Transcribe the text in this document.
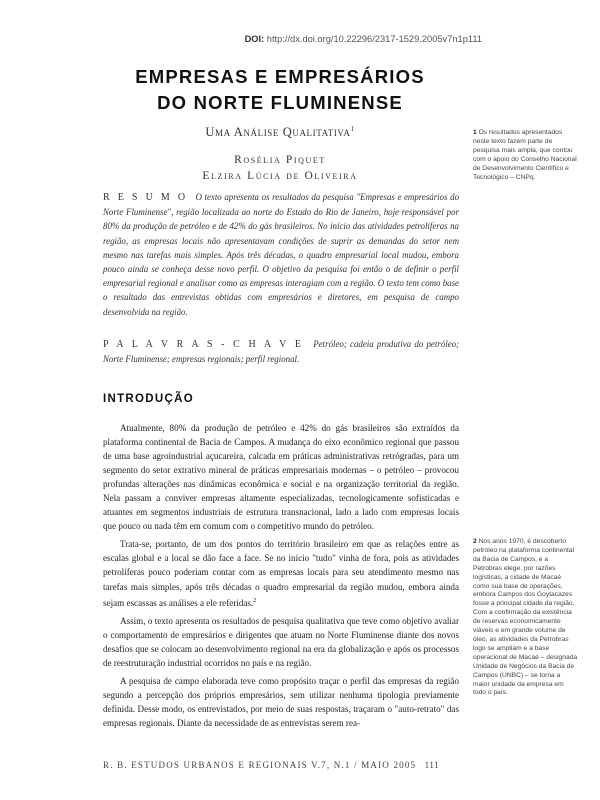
DOI: http://dx.doi.org/10.22296/2317-1529.2005v7n1p111
EMPRESAS E EMPRESÁRIOS
DO NORTE FLUMINENSE
Uma Análise Qualitativa$^1$
Rosélia Piquet
Elzira Lúcia de Oliveira
R E S U M O O texto apresenta os resultados da pesquisa "Empresas e empresários do Norte Fluminense", região localizada ao norte do Estado do Rio de Janeiro, hoje responsável por 80% da produção de petróleo e de 42% do gás brasileiros. No início das atividades petrolíferas na região, as empresas locais não apresentavam condições de suprir as demandas do setor nem mesmo nas tarefas mais simples. Após três décadas, o quadro empresarial local mudou, embora pouco ainda se conheça desse novo perfil. O objetivo da pesquisa foi então o de definir o perfil empresarial regional e analisar como as empresas interagiam com a região. O texto tem como base o resultado das entrevistas obtidas com empresários e diretores, em pesquisa de campo desenvolvida na região.
P A L A V R A S - C H A V E Petróleo; cadeia produtiva do petróleo; Norte Fluminense; empresas regionais; perfil regional.
INTRODUÇÃO

Atualmente, 80% da produção de petróleo e 42% do gás brasileiros são extraídos da plataforma continental de Bacia de Campos. A mudança do eixo econômico regional que passou de uma base agroindustrial açucareira, calcada em práticas administrativas retrógradas, para um segmento do setor extrativo mineral de práticas empresariais modernas – o petróleo – provocou profundas alterações nas dinâmicas econômica e social e na organização territorial da região. Nela passam a conviver empresas altamente especializadas, tecnologicamente sofisticadas e atuantes em segmentos industriais de estrutura transnacional, lado a lado com empresas locais que pouco ou nada têm em comum com o competitivo mundo do petróleo.

Trata-se, portanto, de um dos pontos do território brasileiro em que as relações entre as escalas global e a local se dão face a face. Se no início "tudo" vinha de fora, pois as atividades petrolíferas pouco poderiam contar com as empresas locais para seu atendimento mesmo nas tarefas mais simples, após três décadas o quadro empresarial da região mudou, embora ainda sejam escassas as análises a ele referidas.$^2$

Assim, o texto apresenta os resultados de pesquisa qualitativa que teve como objetivo avaliar o comportamento de empresários e dirigentes que atuam no Norte Fluminense diante dos novos desafios que se colocam ao desenvolvimento regional na era da globalização e após os processos de reestruturação industrial ocorridos no país e na região.

A pesquisa de campo elaborada teve como propósito traçar o perfil das empresas da região segundo a percepção dos próprios empresários, sem utilizar nenhuma tipologia previamente definida. Desse modo, os entrevistados, por meio de suas respostas, traçaram o "auto-retrato" das empresas regionais. Diante da necessidade de as entrevistas serem rea-

1 Os resultados apresentados neste texto fazem parte de pesquisa mais ampla, que contou com o apoio do Conselho Nacional de Desenvolvimento Científico e Tecnológico – CNPq.
2 Nos anos 1970, é descoberto petróleo na plataforma continental da Bacia de Campos, e a Petrobras elege, por razões logísticas, a cidade de Macaé como sua base de operações, embora Campos dos Goytacazes fosse a principal cidade da região. Com a confirmação da existência de reservas economicamente viáveis e em grande volume de óleo, as atividades da Petrobras logo se ampliam e a base operacional de Macaé – designada Unidade de Negócios da Bacia de Campos (UNBC) – se torna a maior unidade da empresa em todo o país.
R. B. ESTUDOS URBANOS E REGIONAIS V.7, N.1 / MAIO 2005 111
